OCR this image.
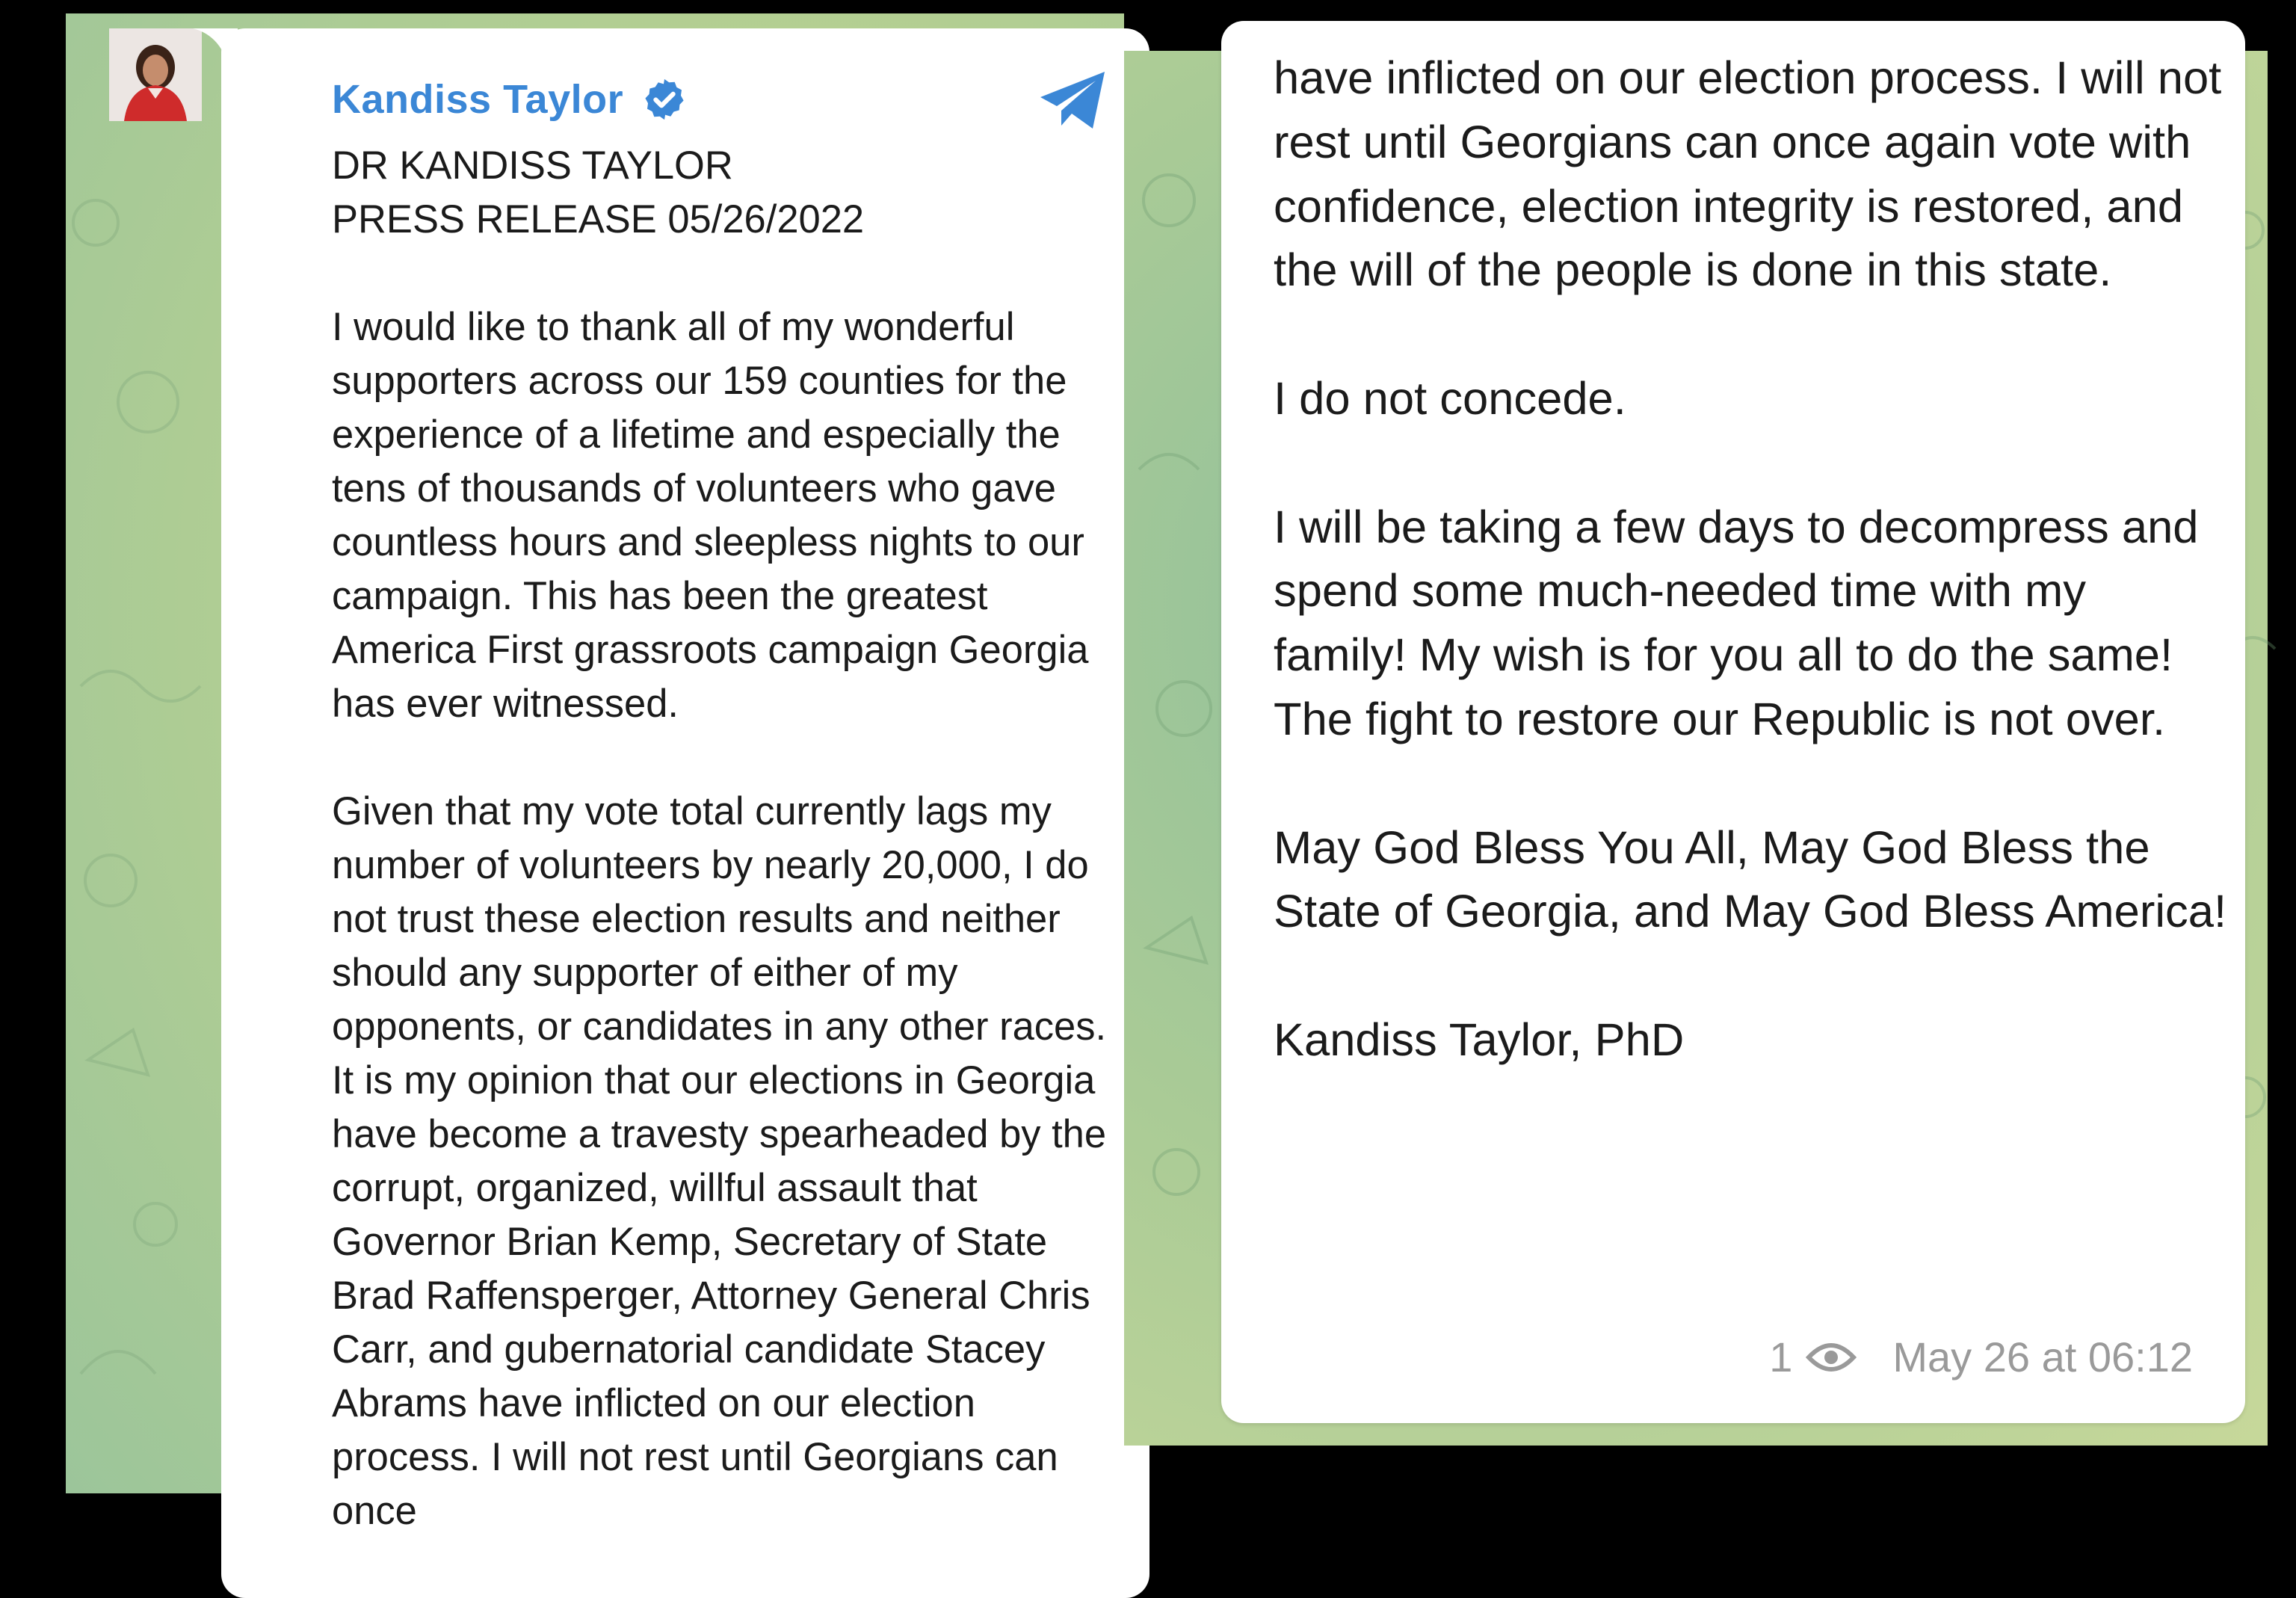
Kandiss Taylor
DR KANDISS TAYLOR
PRESS RELEASE 05/26/2022

I would like to thank all of my wonderful supporters across our 159 counties for the experience of a lifetime and especially the tens of thousands of volunteers who gave countless hours and sleepless nights to our campaign. This has been the greatest America First grassroots campaign Georgia has ever witnessed.

Given that my vote total currently lags my number of volunteers by nearly 20,000, I do not trust these election results and neither should any supporter of either of my opponents, or candidates in any other races. It is my opinion that our elections in Georgia have become a travesty spearheaded by the corrupt, organized, willful assault that Governor Brian Kemp, Secretary of State Brad Raffensperger, Attorney General Chris Carr, and gubernatorial candidate Stacey Abrams have inflicted on our election process. I will not rest until Georgians can once
have inflicted on our election process. I will not rest until Georgians can once again vote with confidence, election integrity is restored, and the will of the people is done in this state.

I do not concede.

I will be taking a few days to decompress and spend some much-needed time with my family! My wish is for you all to do the same! The fight to restore our Republic is not over.

May God Bless You All, May God Bless the State of Georgia, and May God Bless America!

Kandiss Taylor, PhD
1 May 26 at 06:12
